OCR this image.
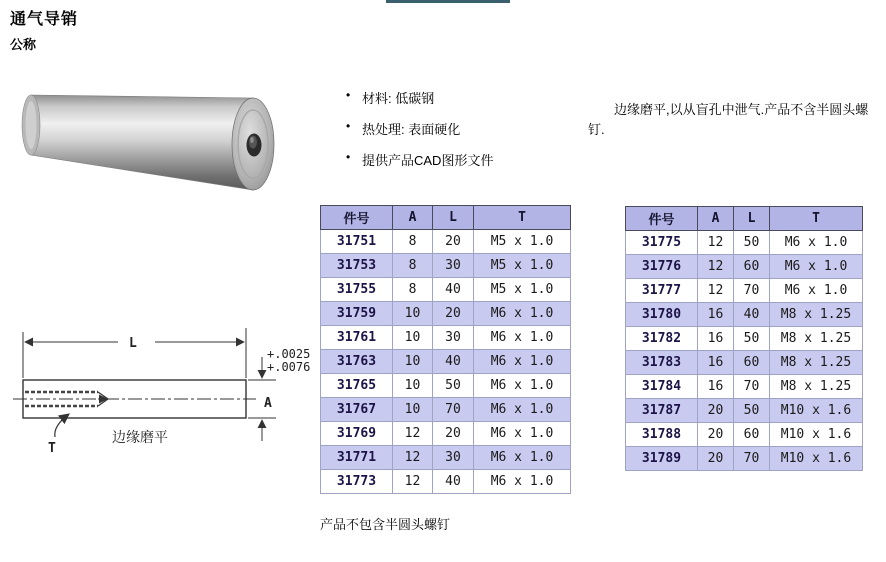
通气导销
公称
• 材料: 低碳钢
• 热处理: 表面硬化
• 提供产品CAD图形文件

边缘磨平,以从盲孔中泄气.产品不含半圆头螺钉.

L
+.0025
+.0076
A
T
边缘磨平
件号	A	L	T
31751	8	20	M5 x 1.0
31753	8	30	M5 x 1.0
31755	8	40	M5 x 1.0
31759	10	20	M6 x 1.0
31761	10	30	M6 x 1.0
31763	10	40	M6 x 1.0
31765	10	50	M6 x 1.0
31767	10	70	M6 x 1.0
31769	12	20	M6 x 1.0
31771	12	30	M6 x 1.0
31773	12	40	M6 x 1.0
件号	A	L	T
31775	12	50	M6 x 1.0
31776	12	60	M6 x 1.0
31777	12	70	M6 x 1.0
31780	16	40	M8 x 1.25
31782	16	50	M8 x 1.25
31783	16	60	M8 x 1.25
31784	16	70	M8 x 1.25
31787	20	50	M10 x 1.6
31788	20	60	M10 x 1.6
31789	20	70	M10 x 1.6

产品不包含半圆头螺钉
